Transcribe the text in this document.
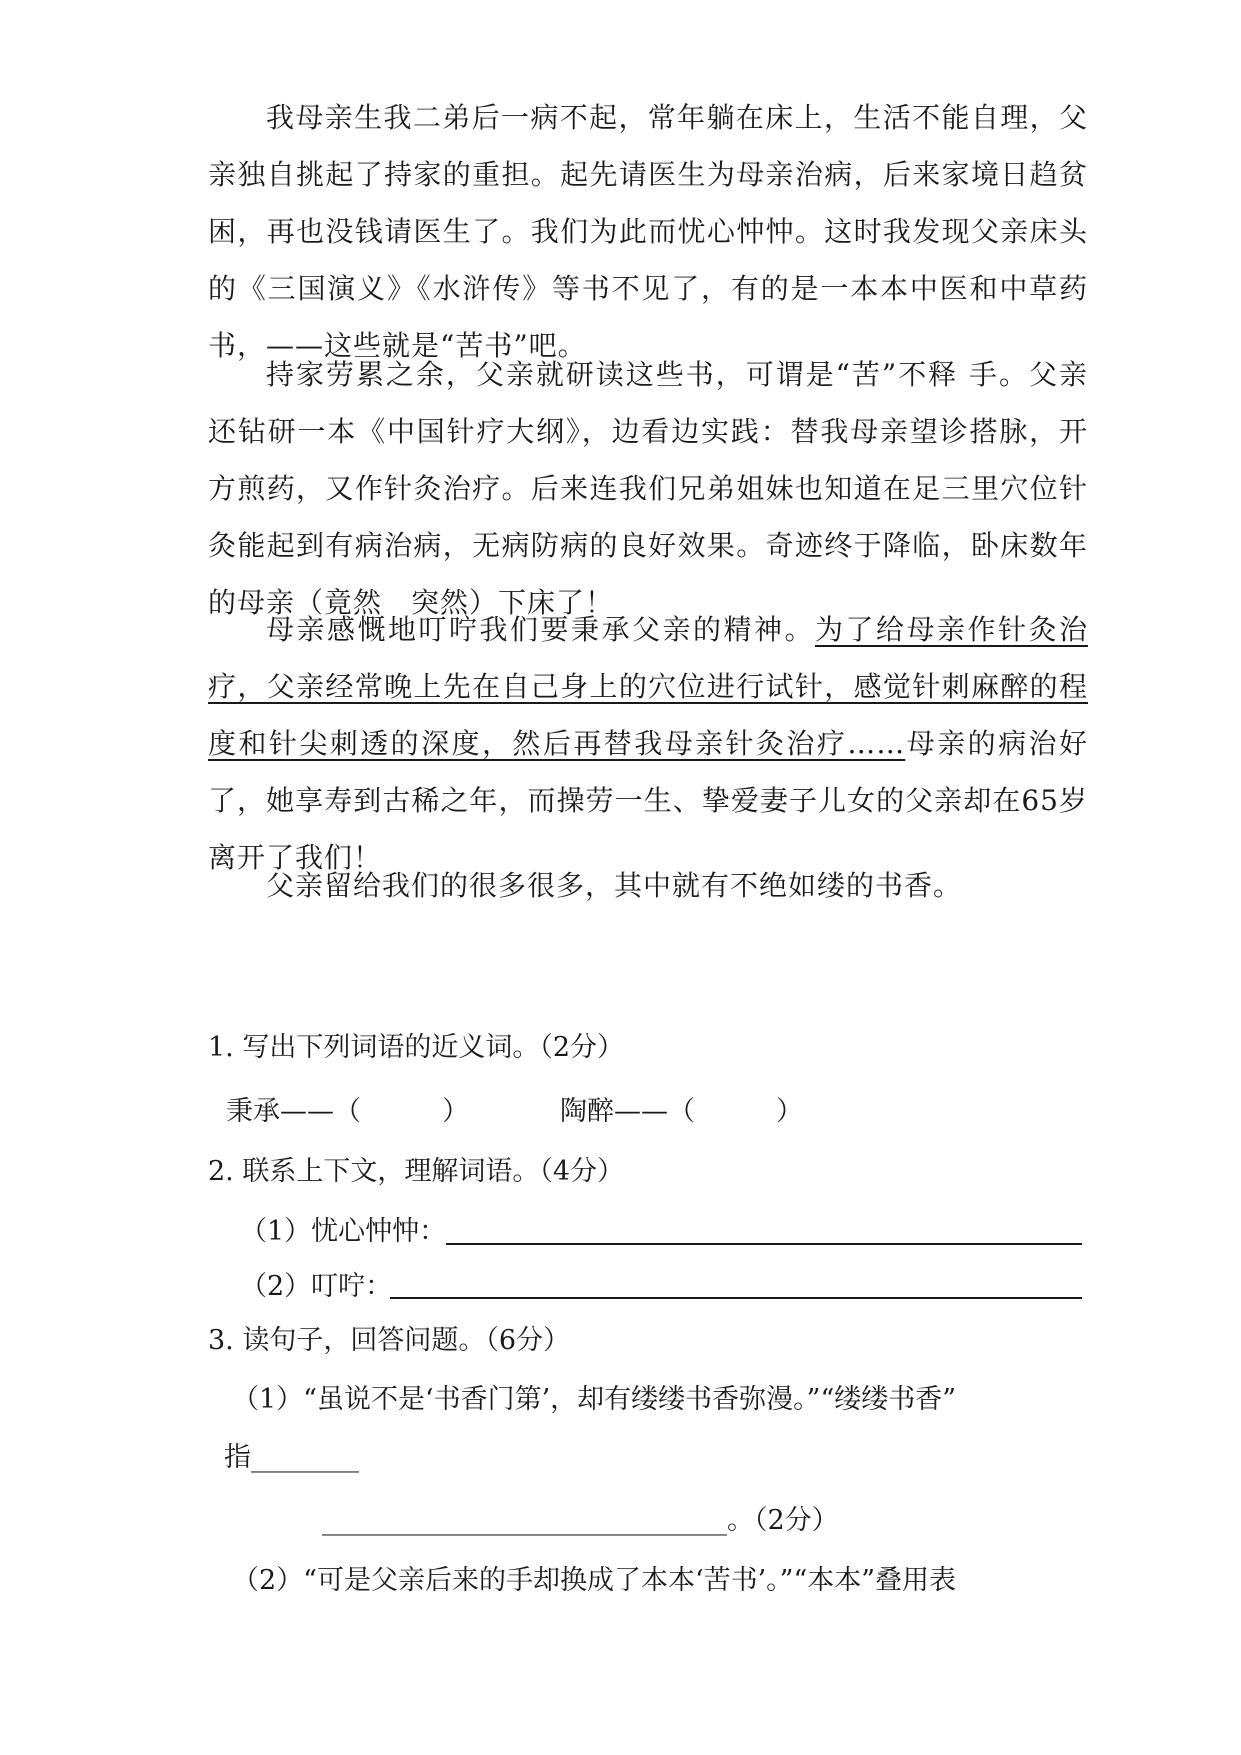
我母亲生我二弟后一病不起，常年躺在床上，生活不能自理，父亲独自挑起了持家的重担。起先请医生为母亲治病，后来家境日趋贫困，再也没钱请医生了。我们为此而忧心忡忡。这时我发现父亲床头的《三国演义》《水浒传》等书不见了，有的是一本本中医和中草药书，——这些就是“苦书”吧。

持家劳累之余，父亲就研读这些书，可谓是“苦”不释 手。父亲还钻研一本《中国针疗大纲》，边看边实践：替我母亲望诊搭脉，开方煎药，又作针灸治疗。后来连我们兄弟姐妹也知道在足三里穴位针灸能起到有病治病，无病防病的良好效果。奇迹终于降临，卧床数年的母亲（竟然　突然）下床了！

母亲感慨地叮咛我们要秉承父亲的精神。为了给母亲作针灸治疗，父亲经常晚上先在自己身上的穴位进行试针，感觉针刺麻醉的程度和针尖刺透的深度，然后再替我母亲针灸治疗……母亲的病治好了，她享寿到古稀之年，而操劳一生、挚爱妻子儿女的父亲却在65岁离开了我们！

父亲留给我们的很多很多，其中就有不绝如缕的书香。

1. 写出下列词语的近义词。（2分）

秉承——（　　　）	陶醉——（　　　）

2. 联系上下文，理解词语。（4分）

（1）忧心忡忡：

（2）叮咛：

3. 读句子，回答问题。（6分）

（1）“虽说不是‘书香门第’，却有缕缕书香弥漫。”“缕缕书香”

指________

______________________________。（2分）

（2）“可是父亲后来的手却换成了本本‘苦书’。”“本本”叠用表
